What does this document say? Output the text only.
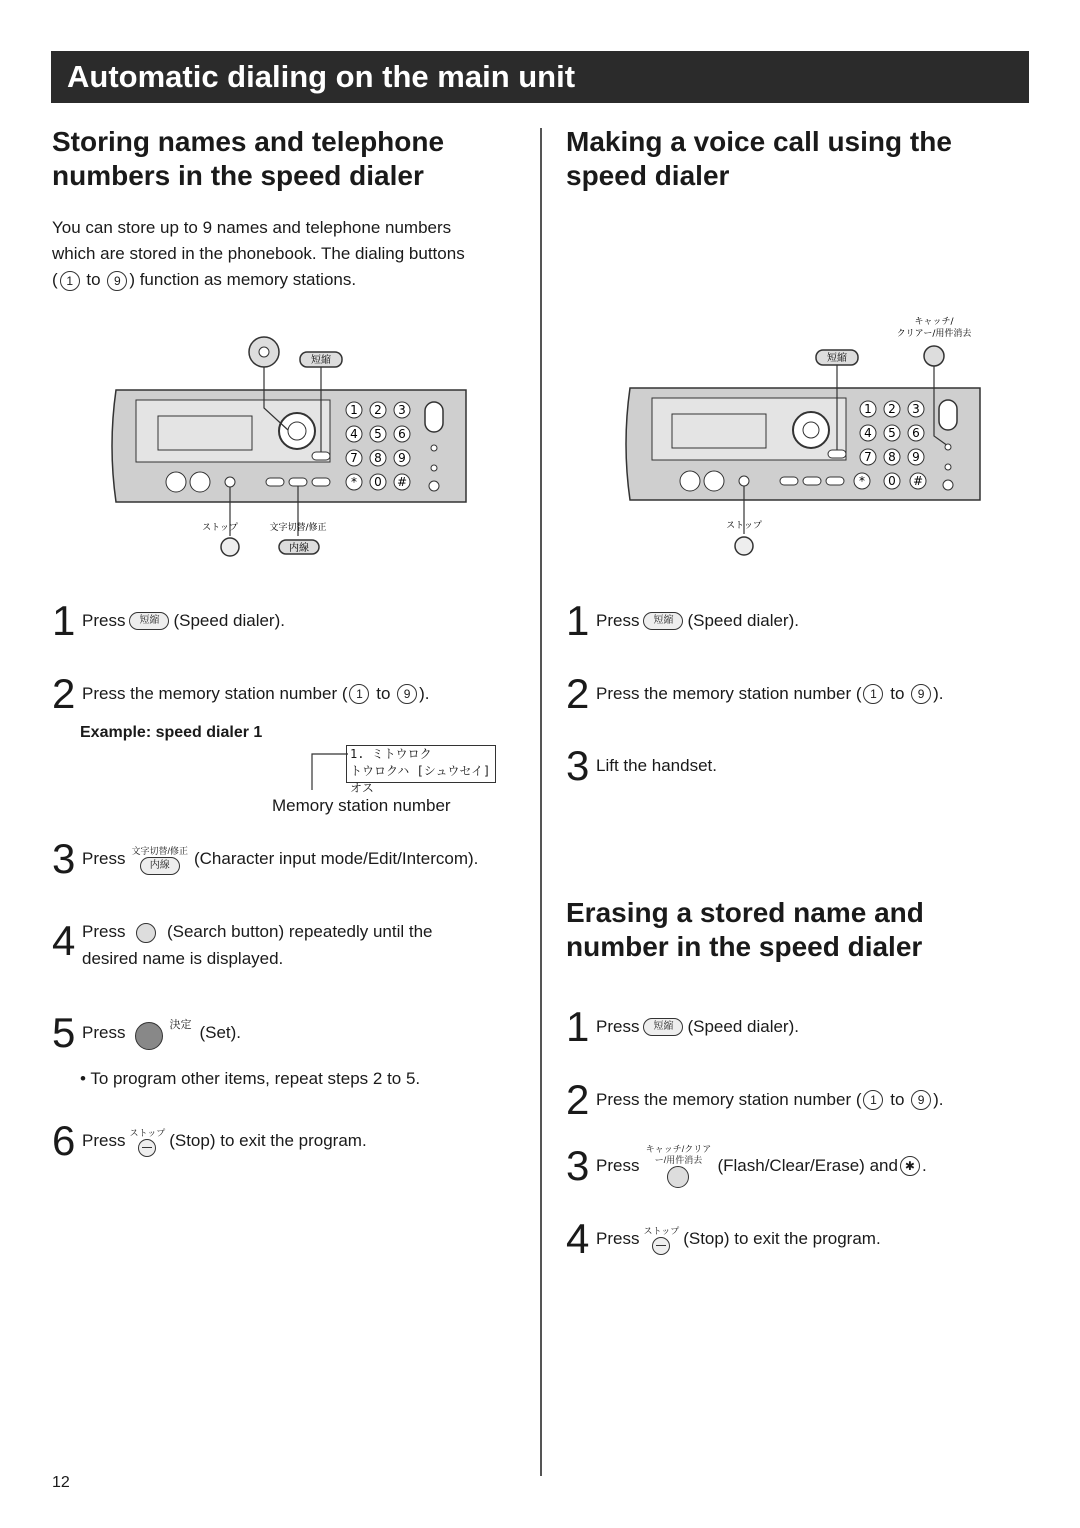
Automatic dialing on the main unit
Storing names and telephone numbers in the speed dialer
You can store up to 9 names and telephone numbers
which are stored in the phonebook. The dialing buttons
( 1 to 9 ) function as memory stations.
短縮
1 2 3
4 5 6
7 8 9
* 0 #
ストップ	文字切替/修正
内線
1 Press	短縮 (Speed dialer).
2 Press the memory station number ( 1
to
	9 ).
Example: speed dialer 1
1. ミトウロク
トウロクハ [シュウセイ]オス
Memory station number
3 Press 文字切替/修正
内線	(Character input mode/Edit/Intercom).
4 Press (Search button) repeatedly until the
desired name is displayed.
5 Press	決定 (Set).
• To program other items, repeat steps 2 to 5.
6 Press ストップ (Stop) to exit the program.
Making a voice call using the speed dialer
キャッチ/
クリアー/用件消去
短縮
1 2 3
4 5 6
7 8 9
* 0 #
ストップ
1 Press	短縮 (Speed dialer).
2 Press the memory station number ( 1
to
	9 ).
3 Lift the handset.
Erasing a stored name and number in the speed dialer
1 Press	短縮 (Speed dialer).
2 Press the memory station number ( 1
to
	9 ).
3 Press
キャッチ/クリアー/用件消去 (Flash/Clear/Erase) and ✱ .
4 Press ストップ (Stop) to exit the program.
12
